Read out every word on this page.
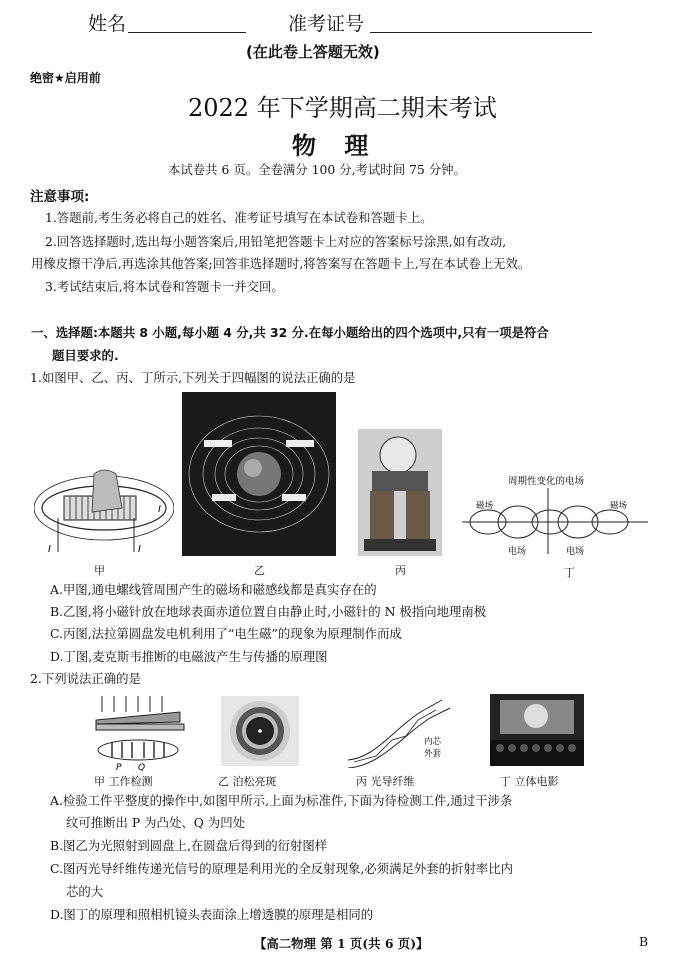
姓名	准考证号
(在此卷上答题无效)
绝密★启用前
2022 年下学期高二期末考试
物 理
本试卷共 6 页。全卷满分 100 分,考试时间 75 分钟。
注意事项:
1.答题前,考生务必将自己的姓名、准考证号填写在本试卷和答题卡上。
2.回答选择题时,选出每小题答案后,用铅笔把答题卡上对应的答案标号涂黑,如有改动,
用橡皮擦干净后,再选涂其他答案;回答非选择题时,将答案写在答题卡上,写在本试卷上无效。
3.考试结束后,将本试卷和答题卡一并交回。
一、选择题:本题共 8 小题,每小题 4 分,共 32 分.在每小题给出的四个选项中,只有一项是符合
题目要求的.
1.如图甲、乙、丙、丁所示,下列关于四幅图的说法正确的是
I	I
I
周期性变化的电场
磁场	磁场
电场	电场
甲	乙	丙	丁
A.甲图,通电螺线管周围产生的磁场和磁感线都是真实存在的
B.乙图,将小磁针放在地球表面赤道位置自由静止时,小磁针的 N 极指向地理南极
C.丙图,法拉第圆盘发电机利用了“电生磁”的现象为原理制作而成
D.丁图,麦克斯韦推断的电磁波产生与传播的原理图
2.下列说法正确的是
P Q
内芯
外套
甲 工作检测	乙 泊松亮斑	丙 光导纤维	丁 立体电影
A.检验工件平整度的操作中,如图甲所示,上面为标准件,下面为待检测工件,通过干涉条
纹可推断出 P 为凸处、Q 为凹处
B.图乙为光照射到圆盘上,在圆盘后得到的衍射图样
C.图丙光导纤维传递光信号的原理是利用光的全反射现象,必须满足外套的折射率比内
芯的大
D.图丁的原理和照相机镜头表面涂上增透膜的原理是相同的
【高二物理 第 1 页(共 6 页)】	B
